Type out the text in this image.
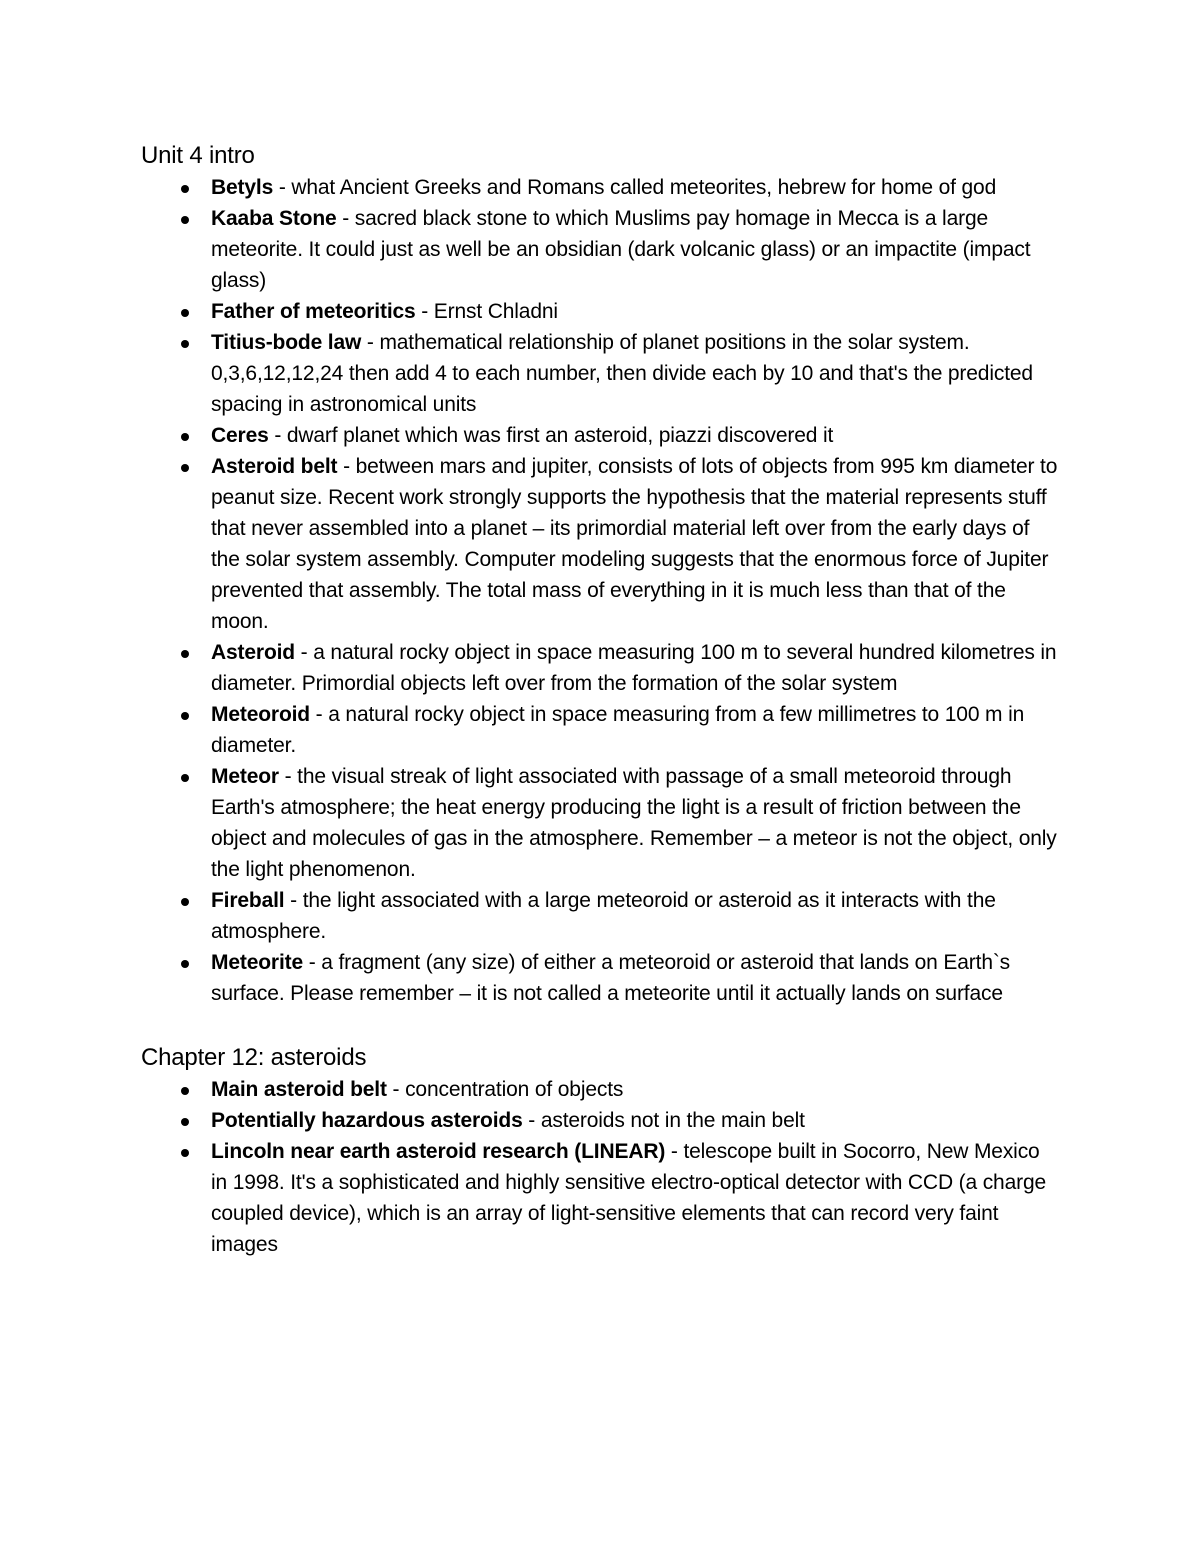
Unit 4 intro
Betyls - what Ancient Greeks and Romans called meteorites, hebrew for home of god
Kaaba Stone - sacred black stone to which Muslims pay homage in Mecca is a large meteorite. It could just as well be an obsidian (dark volcanic glass) or an impactite (impact glass)
Father of meteoritics - Ernst Chladni
Titius-bode law - mathematical relationship of planet positions in the solar system. 0,3,6,12,12,24 then add 4 to each number, then divide each by 10 and that's the predicted spacing in astronomical units
Ceres - dwarf planet which was first an asteroid, piazzi discovered it
Asteroid belt - between mars and jupiter, consists of lots of objects from 995 km diameter to peanut size. Recent work strongly supports the hypothesis that the material represents stuff that never assembled into a planet – its primordial material left over from the early days of the solar system assembly. Computer modeling suggests that the enormous force of Jupiter prevented that assembly. The total mass of everything in it is much less than that of the moon.
Asteroid - a natural rocky object in space measuring 100 m to several hundred kilometres in diameter. Primordial objects left over from the formation of the solar system
Meteoroid - a natural rocky object in space measuring from a few millimetres to 100 m in diameter.
Meteor - the visual streak of light associated with passage of a small meteoroid through Earth's atmosphere; the heat energy producing the light is a result of friction between the object and molecules of gas in the atmosphere. Remember – a meteor is not the object, only the light phenomenon.
Fireball - the light associated with a large meteoroid or asteroid as it interacts with the atmosphere.
Meteorite - a fragment (any size) of either a meteoroid or asteroid that lands on Earth`s surface. Please remember – it is not called a meteorite until it actually lands on surface
Chapter 12: asteroids
Main asteroid belt - concentration of objects
Potentially hazardous asteroids - asteroids not in the main belt
Lincoln near earth asteroid research (LINEAR) - telescope built in Socorro, New Mexico in 1998. It's a sophisticated and highly sensitive electro-optical detector with CCD (a charge coupled device), which is an array of light-sensitive elements that can record very faint images
